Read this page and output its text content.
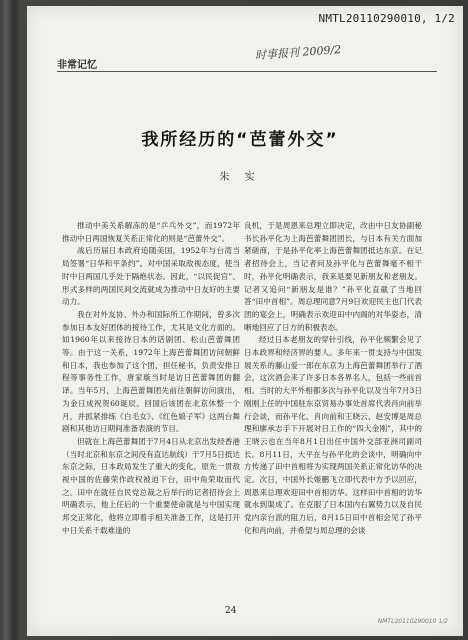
NMTL20110290010, 1/2
非常记忆
时事报刊 2009/2
我所经历的“芭蕾外交”
朱 实

推动中美关系解冻的是“乒乓外交”，而1972年推动中日两国恢复关系正常化的则是“芭蕾外交”。

战后历届日本政府追随美国，1952年与台湾当局签署“日华和平条约”。对中国采取敌视态度，使当时中日两国几乎处于隔绝状态。因此，“以民促官”、形式多样的两国民间交流就成为推动中日友好的主要动力。

我在对外友协、外办和国际所工作期间，曾多次参加日本友好团体的接待工作，尤其是文化方面的。如1960年以来接待日本的话剧团、松山芭蕾舞团等。由于这一关系，1972年上海芭蕾舞团访问朝鲜和日本，我也参加了这个团，担任秘书，负责安排日程等事务性工作，唐家璇当时是访日芭蕾舞团的翻译。当年5月，上海芭蕾舞团先前往朝鲜访问演出，为金日成祝贺60诞辰。回国后该团在北京休整一个月，并抓紧排练《白毛女》、《红色娘子军》这两台舞剧和其他访日期间准备表演的节目。

但就在上海芭蕾舞团于7月4日从北京出发经香港（当时北京和东京之间没有直达航线）于7月5日抵达东京之际，日本政局发生了重大的变化，原先一贯敌视中国的佐藤荣作政权被迫下台，田中角荣取而代之。田中在就任自民党总裁之后举行的记者招待会上明确表示，他上任后的一个重要使命就是与中国实现邦交正常化，他将立即着手相关准备工作，这是打开中日关系千载难逢的

良机，于是周恩来总理立即决定，改由中日友协副秘书长孙平化为上海芭蕾舞团团长，与日本有关方面加紧磋商，于是孙平化率上海芭蕾舞团抵达东京。在记者招待会上，当记者问及孙平化与芭蕾舞毫不相干时，孙平化明确表示，我来是要见新朋友和老朋友。记者又追问“新朋友是谁？”孙平化直截了当地回答“田中首相”。周总理同意7月9日欢迎民主也门代表团的宴会上，明确表示欢迎田中内阁的对华姿态，清晰地回应了日方的积极表态。

经过日本老朋友的穿针引线，孙平化频繁会见了日本政界和经济界的要人。多年来一贯支持与中国发展关系的藤山爱一郎在东京为上海芭蕾舞团举行了酒会，这次酒会来了许多日本各界名人，包括一些前首相。当时的大平外相都多次与孙平化以及当年7月3日刚刚上任的中国驻东京贸易办事处首席代表肖向前举行会谈，而孙平化、肖向前和王晓云、赵安博是周总理和廖承志手下开展对日工作的“四大金刚”，其中的王晓云也在当年8月1日出任中国外交部亚洲司副司长。8月11日，大平在与孙平化的会谈中，明确向中方传递了田中首相将为实现两国关系正常化访华的决定。次日，中国外长姬鹏飞立即代表中方予以回应，周恩来总理欢迎田中首相访华。这样田中首相的访华就水到渠成了。在克服了日本国内右翼势力以及自民党内亲台派的阻力后，8月15日田中首相会见了孙平化和肖向前，并希望与周总理的会谈

24
NMTL20110290010 1/2
